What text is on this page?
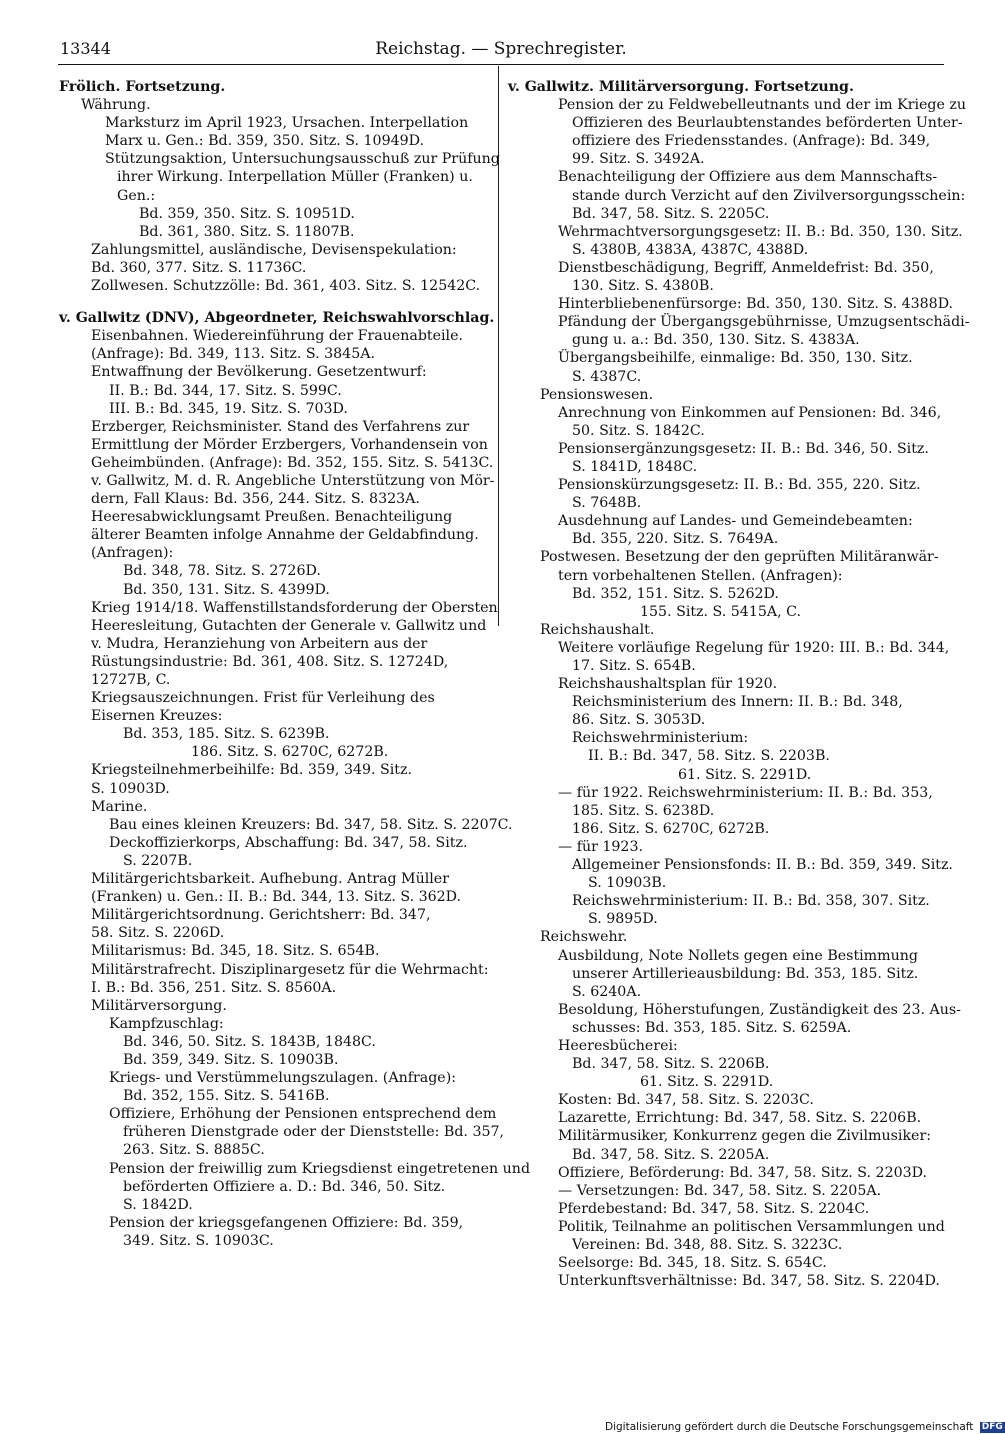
13344	Reichstag. — Sprechregister.
Frölich. Fortsetzung.
Währung.
Marksturz im April 1923, Ursachen. Interpellation
Marx u. Gen.: Bd. 359, 350. Sitz. S. 10949D.
Stützungsaktion, Untersuchungsausschuß zur Prüfung
ihrer Wirkung. Interpellation Müller (Franken) u.
Gen.:
Bd. 359, 350. Sitz. S. 10951D.
Bd. 361, 380. Sitz. S. 11807B.
Zahlungsmittel, ausländische, Devisenspekulation:
Bd. 360, 377. Sitz. S. 11736C.
Zollwesen. Schutzzölle: Bd. 361, 403. Sitz. S. 12542C.
v. Gallwitz (DNV), Abgeordneter, Reichswahlvorschlag.
Eisenbahnen. Wiedereinführung der Frauenabteile.
(Anfrage): Bd. 349, 113. Sitz. S. 3845A.
Entwaffnung der Bevölkerung. Gesetzentwurf:
II. B.: Bd. 344, 17. Sitz. S. 599C.
III. B.: Bd. 345, 19. Sitz. S. 703D.
Erzberger, Reichsminister. Stand des Verfahrens zur
Ermittlung der Mörder Erzbergers, Vorhandensein von
Geheimbünden. (Anfrage): Bd. 352, 155. Sitz. S. 5413C.
v. Gallwitz, M. d. R. Angebliche Unterstützung von Mör-
dern, Fall Klaus: Bd. 356, 244. Sitz. S. 8323A.
Heeresabwicklungsamt Preußen. Benachteiligung
älterer Beamten infolge Annahme der Geldabfindung.
(Anfragen):
Bd. 348, 78. Sitz. S. 2726D.
Bd. 350, 131. Sitz. S. 4399D.
Krieg 1914/18. Waffenstillstandsforderung der Obersten
Heeresleitung, Gutachten der Generale v. Gallwitz und
v. Mudra, Heranziehung von Arbeitern aus der
Rüstungsindustrie: Bd. 361, 408. Sitz. S. 12724D,
12727B, C.
Kriegsauszeichnungen. Frist für Verleihung des
Eisernen Kreuzes:
Bd. 353, 185. Sitz. S. 6239B.
186. Sitz. S. 6270C, 6272B.
Kriegsteilnehmerbeihilfe: Bd. 359, 349. Sitz.
S. 10903D.
Marine.
Bau eines kleinen Kreuzers: Bd. 347, 58. Sitz. S. 2207C.
Deckoffizierkorps, Abschaffung: Bd. 347, 58. Sitz.
S. 2207B.
Militärgerichtsbarkeit. Aufhebung. Antrag Müller
(Franken) u. Gen.: II. B.: Bd. 344, 13. Sitz. S. 362D.
Militärgerichtsordnung. Gerichtsherr: Bd. 347,
58. Sitz. S. 2206D.
Militarismus: Bd. 345, 18. Sitz. S. 654B.
Militärstrafrecht. Disziplinargesetz für die Wehrmacht:
I. B.: Bd. 356, 251. Sitz. S. 8560A.
Militärversorgung.
Kampfzuschlag:
Bd. 346, 50. Sitz. S. 1843B, 1848C.
Bd. 359, 349. Sitz. S. 10903B.
Kriegs- und Verstümmelungszulagen. (Anfrage):
Bd. 352, 155. Sitz. S. 5416B.
Offiziere, Erhöhung der Pensionen entsprechend dem
früheren Dienstgrade oder der Dienststelle: Bd. 357,
263. Sitz. S. 8885C.
Pension der freiwillig zum Kriegsdienst eingetretenen und
beförderten Offiziere a. D.: Bd. 346, 50. Sitz.
S. 1842D.
Pension der kriegsgefangenen Offiziere: Bd. 359,
349. Sitz. S. 10903C.
v. Gallwitz. Militärversorgung. Fortsetzung.
Pension der zu Feldwebelleutnants und der im Kriege zu
Offizieren des Beurlaubtenstandes beförderten Unter-
offiziere des Friedensstandes. (Anfrage): Bd. 349,
99. Sitz. S. 3492A.
Benachteiligung der Offiziere aus dem Mannschafts-
stande durch Verzicht auf den Zivilversorgungsschein:
Bd. 347, 58. Sitz. S. 2205C.
Wehrmachtversorgungsgesetz: II. B.: Bd. 350, 130. Sitz.
S. 4380B, 4383A, 4387C, 4388D.
Dienstbeschädigung, Begriff, Anmeldefrist: Bd. 350,
130. Sitz. S. 4380B.
Hinterbliebenenfürsorge: Bd. 350, 130. Sitz. S. 4388D.
Pfändung der Übergangsgebührnisse, Umzugsentschädi-
gung u. a.: Bd. 350, 130. Sitz. S. 4383A.
Übergangsbeihilfe, einmalige: Bd. 350, 130. Sitz.
S. 4387C.
Pensionswesen.
Anrechnung von Einkommen auf Pensionen: Bd. 346,
50. Sitz. S. 1842C.
Pensionsergänzungsgesetz: II. B.: Bd. 346, 50. Sitz.
S. 1841D, 1848C.
Pensionskürzungsgesetz: II. B.: Bd. 355, 220. Sitz.
S. 7648B.
Ausdehnung auf Landes- und Gemeindebeamten:
Bd. 355, 220. Sitz. S. 7649A.
Postwesen. Besetzung der den geprüften Militäranwär-
tern vorbehaltenen Stellen. (Anfragen):
Bd. 352, 151. Sitz. S. 5262D.
155. Sitz. S. 5415A, C.
Reichshaushalt.
Weitere vorläufige Regelung für 1920: III. B.: Bd. 344,
17. Sitz. S. 654B.
Reichshaushaltsplan für 1920.
Reichsministerium des Innern: II. B.: Bd. 348,
86. Sitz. S. 3053D.
Reichswehrministerium:
II. B.: Bd. 347, 58. Sitz. S. 2203B.
61. Sitz. S. 2291D.
— für 1922. Reichswehrministerium: II. B.: Bd. 353,
185. Sitz. S. 6238D.
186. Sitz. S. 6270C, 6272B.
— für 1923.
Allgemeiner Pensionsfonds: II. B.: Bd. 359, 349. Sitz.
S. 10903B.
Reichswehrministerium: II. B.: Bd. 358, 307. Sitz.
S. 9895D.
Reichswehr.
Ausbildung, Note Nollets gegen eine Bestimmung
unserer Artillerieausbildung: Bd. 353, 185. Sitz.
S. 6240A.
Besoldung, Höherstufungen, Zuständigkeit des 23. Aus-
schusses: Bd. 353, 185. Sitz. S. 6259A.
Heeresbücherei:
Bd. 347, 58. Sitz. S. 2206B.
61. Sitz. S. 2291D.
Kosten: Bd. 347, 58. Sitz. S. 2203C.
Lazarette, Errichtung: Bd. 347, 58. Sitz. S. 2206B.
Militärmusiker, Konkurrenz gegen die Zivilmusiker:
Bd. 347, 58. Sitz. S. 2205A.
Offiziere, Beförderung: Bd. 347, 58. Sitz. S. 2203D.
— Versetzungen: Bd. 347, 58. Sitz. S. 2205A.
Pferdebestand: Bd. 347, 58. Sitz. S. 2204C.
Politik, Teilnahme an politischen Versammlungen und
Vereinen: Bd. 348, 88. Sitz. S. 3223C.
Seelsorge: Bd. 345, 18. Sitz. S. 654C.
Unterkunftsverhältnisse: Bd. 347, 58. Sitz. S. 2204D.
Digitalisierung gefördert durch die Deutsche Forschungsgemeinschaft DFG
